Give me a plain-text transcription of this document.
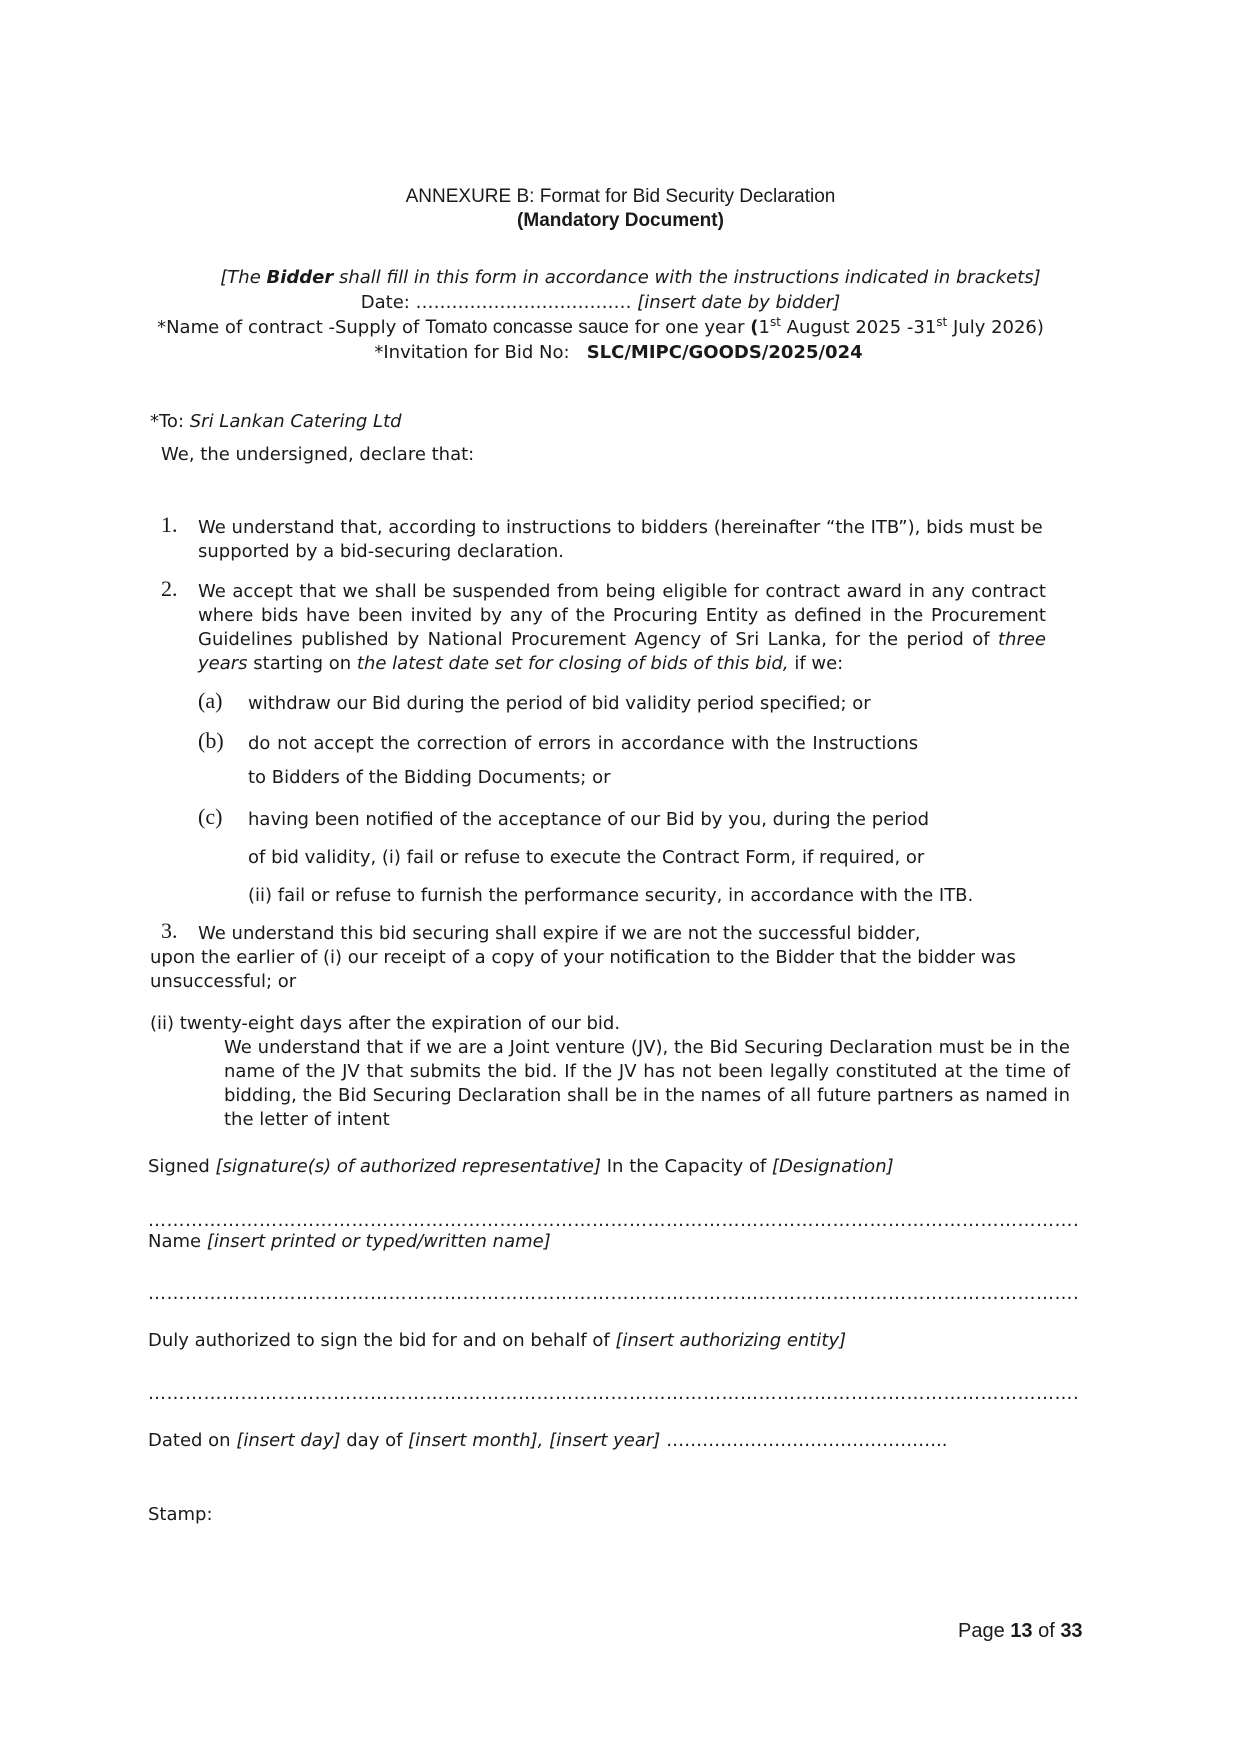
ANNEXURE B: Format for Bid Security Declaration
(Mandatory Document)
[The Bidder shall fill in this form in accordance with the instructions indicated in brackets]
Date: ……………………………… [insert date by bidder]
*Name of contract -Supply of Tomato concasse sauce for one year (1st August 2025 -31st July 2026)
*Invitation for Bid No: SLC/MIPC/GOODS/2025/024
*To: Sri Lankan Catering Ltd
We, the undersigned, declare that:
1. We understand that, according to instructions to bidders (hereinafter “the ITB”), bids must be supported by a bid-securing declaration.
2. We accept that we shall be suspended from being eligible for contract award in any contract where bids have been invited by any of the Procuring Entity as defined in the Procurement Guidelines published by National Procurement Agency of Sri Lanka, for the period of three years starting on the latest date set for closing of bids of this bid, if we:
(a) withdraw our Bid during the period of bid validity period specified; or
(b) do not accept the correction of errors in accordance with the Instructions
to Bidders of the Bidding Documents; or
(c) having been notified of the acceptance of our Bid by you, during the period
of bid validity, (i) fail or refuse to execute the Contract Form, if required, or
(ii) fail or refuse to furnish the performance security, in accordance with the ITB.
3. We understand this bid securing shall expire if we are not the successful bidder,
upon the earlier of (i) our receipt of a copy of your notification to the Bidder that the bidder was unsuccessful; or
(ii) twenty-eight days after the expiration of our bid.
We understand that if we are a Joint venture (JV), the Bid Securing Declaration must be in the name of the JV that submits the bid. If the JV has not been legally constituted at the time of bidding, the Bid Securing Declaration shall be in the names of all future partners as named in the letter of intent
Signed [signature(s) of authorized representative] In the Capacity of [Designation]
…………………………………………………………………………………………………………………………………….
Name [insert printed or typed/written name]
…………………………………………………………………………………………………………………………………….
Duly authorized to sign the bid for and on behalf of [insert authorizing entity]
…………………………………………………………………………………………………………………………………….
Dated on [insert day] day of [insert month], [insert year] ………………………………………..
Stamp:
Page 13 of 33
